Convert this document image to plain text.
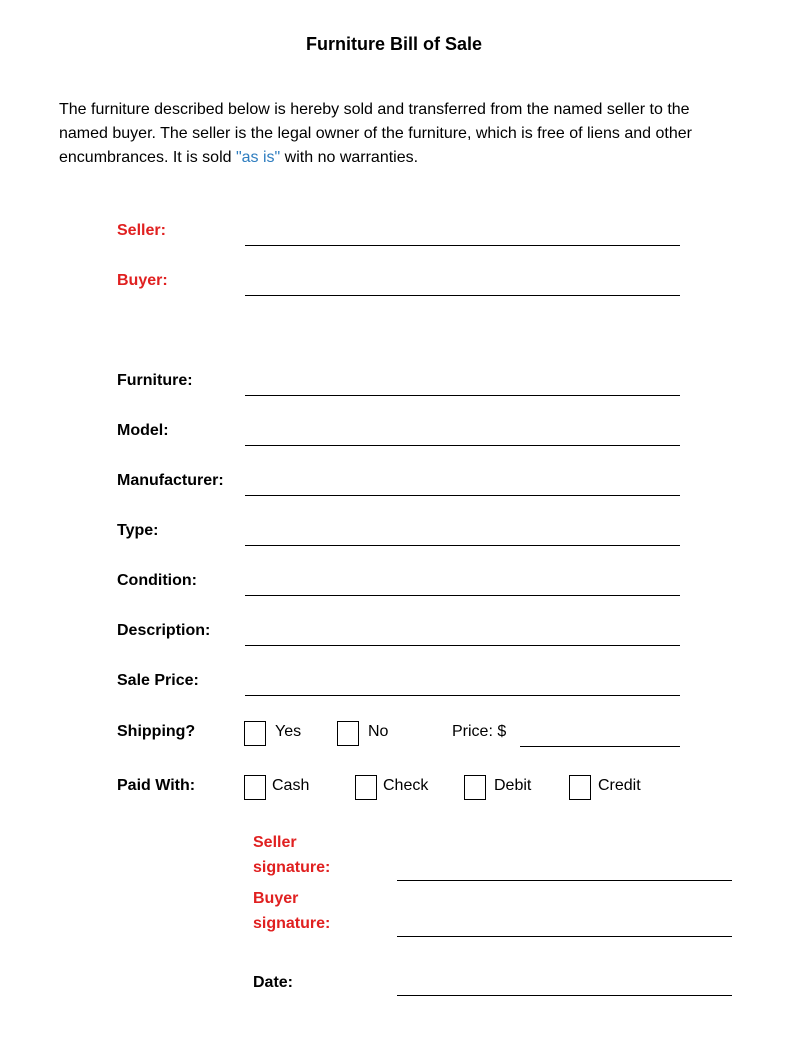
Furniture Bill of Sale
The furniture described below is hereby sold and transferred from the named seller to the named buyer. The seller is the legal owner of the furniture, which is free of liens and other encumbrances. It is sold "as is" with no warranties.
Seller:
Buyer:
Furniture:
Model:
Manufacturer:
Type:
Condition:
Description:
Sale Price:
Shipping?	Yes	No	Price: $
Paid With:	Cash	Check	Debit	Credit
Seller
signature:
Buyer
signature:
Date:
